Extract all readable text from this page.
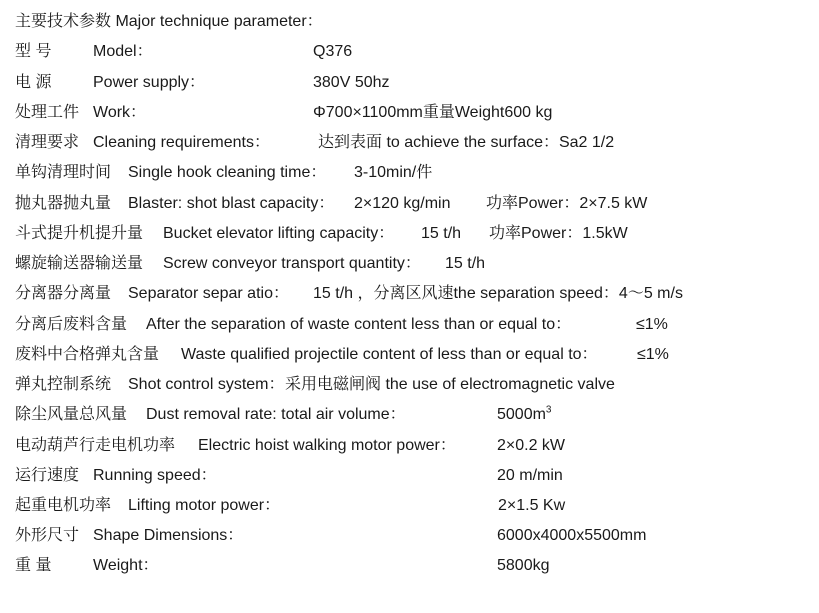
主要技术参数 Major technique parameter：
型 号	Model：	Q376
电 源	Power supply：	380V 50hz
处理工件 Work：	Φ700×1100mm重量Weight600 kg
清理要求 Cleaning requirements：	达到表面 to achieve the surface：Sa2 1/2
单钩清理时间 Single hook cleaning time： 3-10min/件
抛丸器抛丸量 Blaster: shot blast capacity： 2×120 kg/min 功率Power：2×7.5 kW
斗式提升机提升量 Bucket elevator lifting capacity： 15 t/h 功率Power：1.5kW
螺旋输送器输送量 Screw conveyor transport quantity： 15 t/h
分离器分离量 Separator separ atio： 15 t/h ，分离区风速the separation speed：4～5 m/s
分离后废料含量 After the separation of waste content less than or equal to：	≤1%
废料中合格弹丸含量 Waste qualified projectile content of less than or equal to： ≤1%
弹丸控制系统 Shot control system： 采用电磁闸阀 the use of electromagnetic valve
除尘风量总风量 Dust removal rate: total air volume：	$5000m^3$
电动葫芦行走电机功率 Electric hoist walking motor power：	2×0.2 kW
运行速度 Running speed：	20 m/min
起重电机功率 Lifting motor power：	2×1.5 Kw
外形尺寸 Shape Dimensions：	6000x4000x5500mm
重 量	Weight：	5800kg
